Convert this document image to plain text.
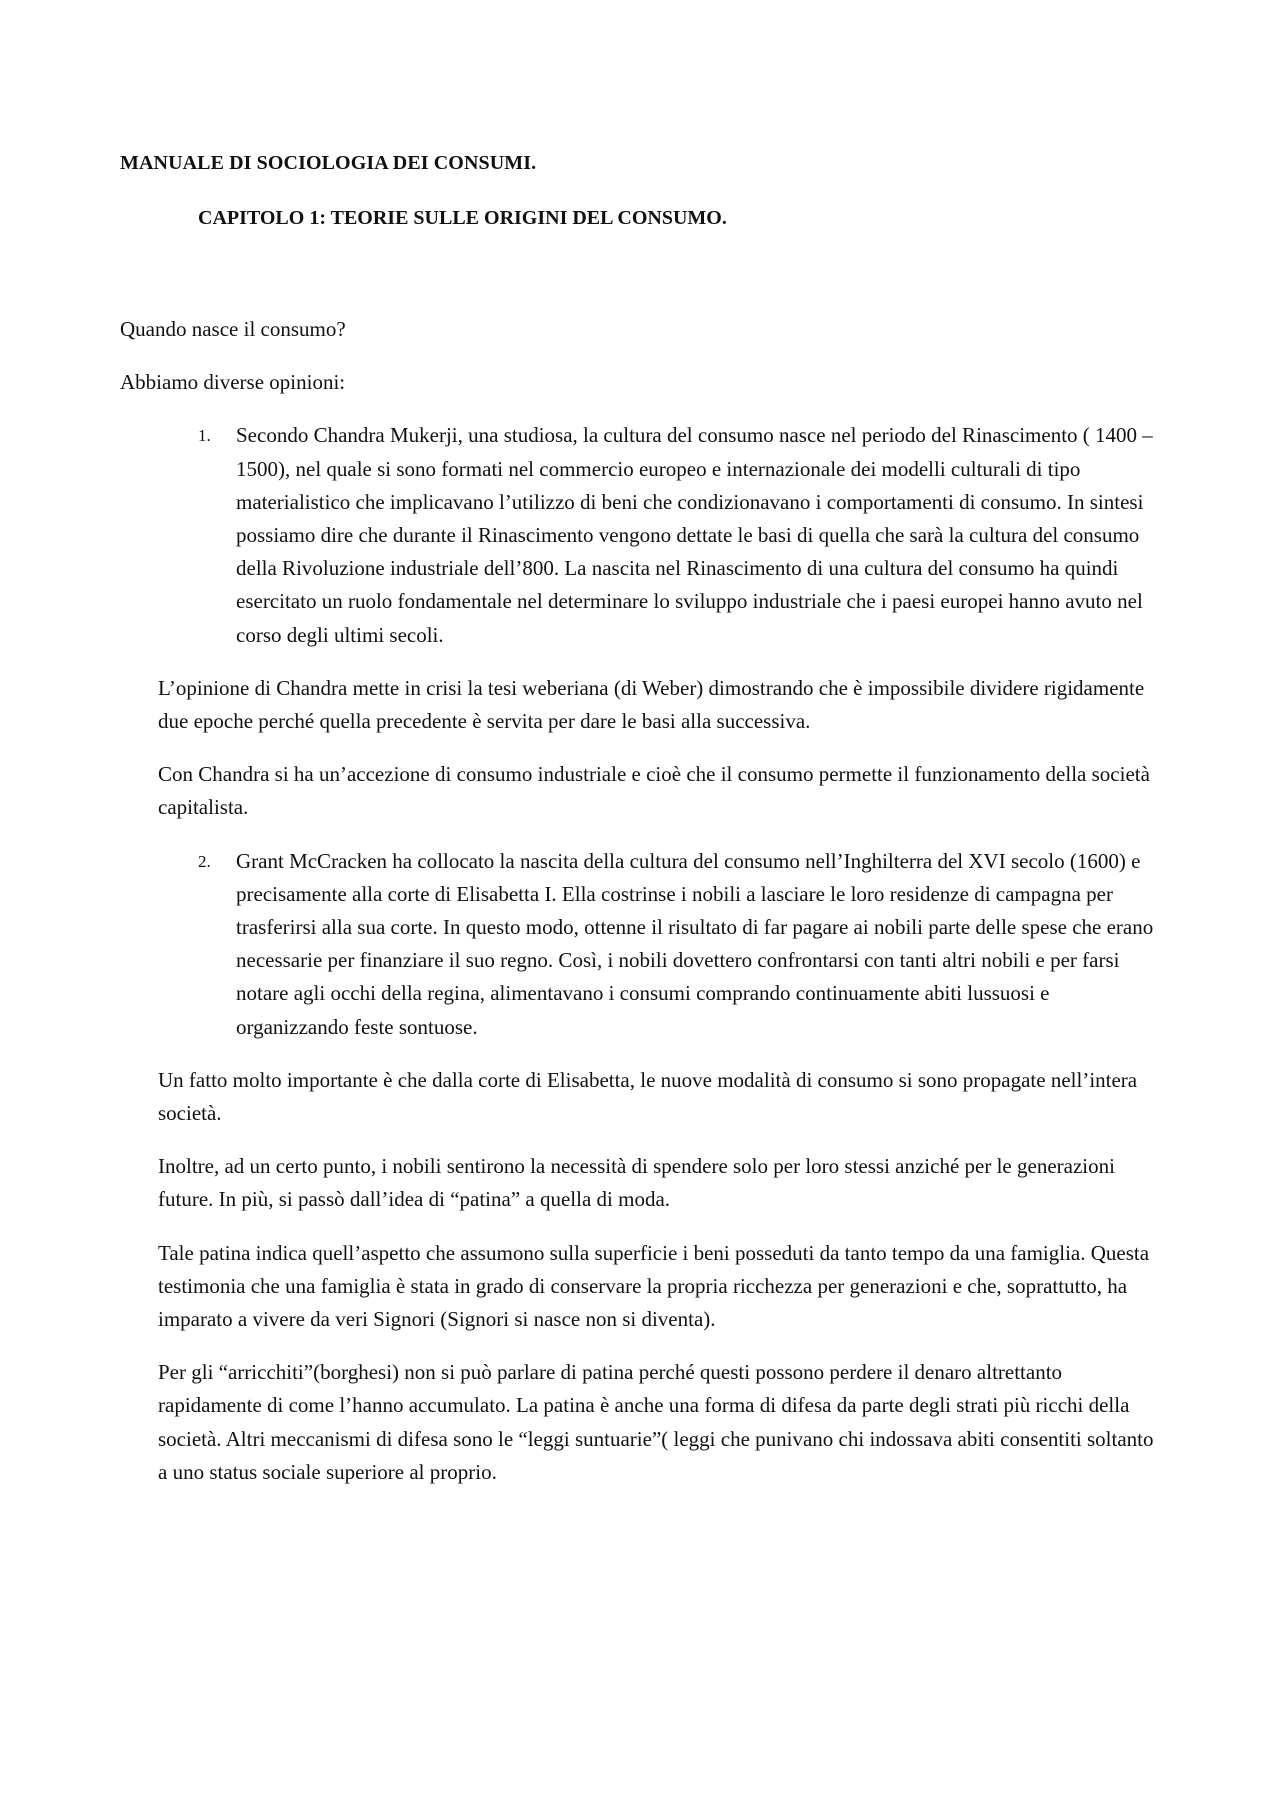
MANUALE DI SOCIOLOGIA DEI CONSUMI.
CAPITOLO 1: TEORIE SULLE ORIGINI DEL CONSUMO.

Quando nasce il consumo?

Abbiamo diverse opinioni:

1. Secondo Chandra Mukerji, una studiosa, la cultura del consumo nasce nel periodo del Rinascimento ( 1400 – 1500), nel quale si sono formati nel commercio europeo e internazionale dei modelli culturali di tipo materialistico che implicavano l’utilizzo di beni che condizionavano i comportamenti di consumo. In sintesi possiamo dire che durante il Rinascimento vengono dettate le basi di quella che sarà la cultura del consumo della Rivoluzione industriale dell’800. La nascita nel Rinascimento di una cultura del consumo ha quindi esercitato un ruolo fondamentale nel determinare lo sviluppo industriale che i paesi europei hanno avuto nel corso degli ultimi secoli.

L’opinione di Chandra mette in crisi la tesi weberiana (di Weber) dimostrando che è impossibile dividere rigidamente due epoche perché quella precedente è servita per dare le basi alla successiva.

Con Chandra si ha un’accezione di consumo industriale e cioè che il consumo permette il funzionamento della società capitalista.

2. Grant McCracken ha collocato la nascita della cultura del consumo nell’Inghilterra del XVI secolo (1600) e precisamente alla corte di Elisabetta I. Ella costrinse i nobili a lasciare le loro residenze di campagna per trasferirsi alla sua corte. In questo modo, ottenne il risultato di far pagare ai nobili parte delle spese che erano necessarie per finanziare il suo regno. Così, i nobili dovettero confrontarsi con tanti altri nobili e per farsi notare agli occhi della regina, alimentavano i consumi comprando continuamente abiti lussuosi e organizzando feste sontuose.

Un fatto molto importante è che dalla corte di Elisabetta, le nuove modalità di consumo si sono propagate nell’intera società.

Inoltre, ad un certo punto, i nobili sentirono la necessità di spendere solo per loro stessi anziché per le generazioni future. In più, si passò dall’idea di “patina” a quella di moda.

Tale patina indica quell’aspetto che assumono sulla superficie i beni posseduti da tanto tempo da una famiglia. Questa testimonia che una famiglia è stata in grado di conservare la propria ricchezza per generazioni e che, soprattutto, ha imparato a vivere da veri Signori (Signori si nasce non si diventa).

Per gli “arricchiti”(borghesi) non si può parlare di patina perché questi possono perdere il denaro altrettanto rapidamente di come l’hanno accumulato. La patina è anche una forma di difesa da parte degli strati più ricchi della società. Altri meccanismi di difesa sono le “leggi suntuarie”( leggi che punivano chi indossava abiti consentiti soltanto a uno status sociale superiore al proprio.
